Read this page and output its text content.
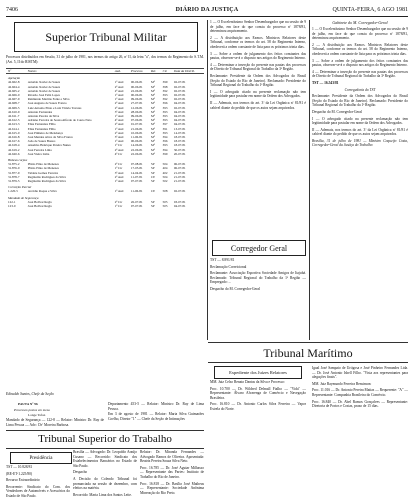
7406	DIÁRIO DA JUSTIÇA	QUINTA-FEIRA, 6 AGO 1981
Superior Tribunal Militar
Processos distribuídos em Sessão, 31 de julho de 1981, nos termos do artigo 26, nº II, da letra "a", dos termos do Regimento do S.T.M. (Art. 5, II do RISTM):
Nº	Nomes	Aud.	Processo	Rel.	Cir.	Data da Distrib.
Apelação						
42.602-8	Arnaldo Xavier de Souza	1ª Aud	00-06-81	Mª	399	02-07-81
42.604-4	Arnaldo Xavier de Souza	2ª Aud	00-06-81	Mª	398	02-07-81
42.605-2	Arnaldo Xavier de Souza	2ª Aud	22-06-81	Mª	392	02-07-81
42.606-0	Ricardo José Feliz Lopes	1ª Aud	00-06-81	Mª	393	02-07-81
42.607-9	Raimundo Martins Fonte e Silva	1ª Aud	09-06-81	Mª	392	02-07-81
42.608-7	José Augusto de Souza Franco	2ª Aud	27-07-81	Mª	396	04-07-81
42.609-5	Luiz Antonio Pinto e Luiz Vitório Tavares	2ª Aud	12-06-81	Mª	393	02-07-81
42.610-9	Antonio Fernandes	3ª Aud	28-06-81	Mª	393	04-07-81
42.611-7	Antonio Pereira da Silva	1ª Aud	09-06-81	Mª	393	04-07-81
42.612-5	Adriano Ferreira de Souza Alfredo do Couto Neto	4ª Aud	07-06-81	Mª	393	04-07-81
42.613-3	Elias Fernandes Filho	2ª Aud	01-07-81	Mª	397	04-07-81
42.614-1	Elias Fernandes Filho	1ª Aud	21-06-81	Mª	391	13-07-81
42.615-0	José Pinheiro de Mendonça	2ª Aud	10-06-81	Mª	393	14-07-81
42.616-8	José Mendes Alves da Silva Franco	3ª Aud	11-06-81	Mª	394	18-07-81
42.617-6	João de Souza Bastos	1ª Aud	00-06-81	Mª	396	18-07-81
42.618-4	Anselmo Henrique Pereira Nunes	1ª Cir	14-06-81	Mª	393	18-07-81
42.619-2	José Ferreira Lima	2ª Aud	22-06-81	Mª	394	30-07-81
42.620-6	José Vieira Lima	4ª Cir	22-06-81	Mª	399	20-07-81
Habeas corpus						
31.875-2	Plínio Pinto de Menezes	2ª Cir	07-08-81	SP	504	06-07-81
31.876-0	Plínio Pinto de Menezes	1ª Cir	17-05-81	SP	404	06-07-81
31.877-9	Valdete Gomes Ferreira	3ª Aud	14-04-81	SP	402	21-07-81
31.878-7	Reginaldo Rodrigues da Silva	2ª Aud	11-07-81	CE	504	21-07-81
31.879-5	Reginaldo Rodrigues da Silva	1ª Aud	07-07-81	SP	502	21-07-81
Correição Parcial						
1.220-5	Arcádio Roque e Silva	1ª Aud	11-06-81	CE	508	02-07-81
Mandado de Segurança						
122-1	José Bolívar Regis	2ª Cir	26-07-81	SP	505	03-07-81
123-0	José Bolívar Regis	1ª Cir	07-07-81	SP	505	04-07-81
Edinaldo Santos, Chefe da Seção
PAUTA Nº 96
Processos postos em mesa
Longe Tafon
Mandado de Segurança — 122-8 — Relator: Ministro Dr. Ruy de Lima Pessoa — Adv.: Drº Moreira Barbosa.
Departamento 453-5 — Relator: Ministro Dr. Ruy de Lima Pessoa.
Em 3 de agosto de 1981 — Relator: Maria Silva Guimarães Coelho, Diretor "1" — Chefe da Seção de Intimações
1 — O Excelentíssimo Senhor Desembargador que na sessão de 9 de julho, em face do que consta do processo nº 1878/81, determinou arquivamento.
2 — A distribuição aos Exmos. Ministros Relatores deste Tribunal, conforme os termos do art. 58 do Regimento Interno, obedecerá a ordem constante de lista para os próximos trinta dias.
3 — Sobre a ordem de julgamento dos feitos constantes das pautas, observar-se-á o disposto nos artigos do Regimento Interno.
4 — Determinar a inserção do presente nas pautas dos processos de Direito de Tribunal Regional do Trabalho da 3ª Região.
Reclamante: Presidente da Ordem dos Advogados do Brasil (Seção do Estado do Rio de Janeiro). Reclamado: Presidente do Tribunal Regional do Trabalho da 1ª Região.
I — O advogado citado na presente reclamação não tem legitimidade para postular em nome da Ordem dos Advogados.
II — Ademais, nos termos do art. 3º da Lei Orgânica nº 81/81 é cabível diante do pedido de que os autos sejam arquivados.
Gabinete do M. Corregedor-Geral
1 — O Excelentíssimo Senhor Desembargador que na sessão de 9 de julho, em face do que consta do processo nº 1878/81, determinou arquivamento.
2 — A distribuição aos Exmos. Ministros Relatores deste Tribunal, conforme os termos do art. 58 do Regimento Interno, obedecerá a ordem constante de lista para os próximos trinta dias.
3 — Sobre a ordem de julgamento dos feitos constantes das pautas, observar-se-á o disposto nos artigos do Regimento Interno.
4 — Determinar a inserção do presente nas pautas dos processos de Direito de Tribunal Regional do Trabalho da 3ª Região.
TST — 16.543/81
Corregedoria do TST
Reclamante: Presidente da Ordem dos Advogados do Brasil (Seção do Estado do Rio de Janeiro). Reclamado: Presidente do Tribunal Regional do Trabalho da 1ª Região.
Despacho do M. Corregedor-Geral
I — O advogado citado na presente reclamação não tem legitimidade para postular em nome da Ordem dos Advogados.
II — Ademais, nos termos do art. 3º da Lei Orgânica nº 81/81 é cabível diante do pedido de que os autos sejam arquivados.
Brasília, 31 de julho de 1981 — Ministro Coqueijo Costa, Corregedor-Geral da Justiça do Trabalho
Corregedor Geral
TST — 8.891/81
Reclamação Correicional
Reclamante: Associação Esportiva Sociedade Amigos de Itajubá. Reclamado: Tribunal Regional do Trabalho da 1ª Região — Empregado: ...
Despacho do M. Corregedor-Geral
Tribunal Marítimo
Expediente dos Juízes Relatores
MM. Juiz Celso Renato Dantas da Silva e Processo:
Proc. 10.700 — Dr. Wildred Delmall Fialho — "Vida" — Representante: Álvaro Alvarenga de Comércio e Navegação Brasileira.
Proc. 16.810 — Dr. Antonio Carlos Silva Ferreira — Vapor Estrela do Norte.
Igual José Sampaio de Urtigosa e José Pinheiro Fernandes Ltda. — Dr. José Antonio Isbell Filho. "Vista aos representantes para alegações finais".
MM. Juiz Raymundo Ferreira Bensimon:
Proc. 11.016 — Dr. Antonio Pereira Matias — Requerente: "A" — Representante: Companhia Brasileira do Comércio.
Proc. 16.840 — Dr. Abel Ramos Gonçalves — Representante: Diretoria de Portos e Costas, prazo de 15 dias.
Tribunal Superior do Trabalho
Presidência
TST — 10.828/81
(RE-ET-1.225/80)
Recurso Extraordinário
Recorrente: Sindicato do Com. dos Vendedores de Automóveis e Acessórios do Estado de São Paulo.
Brasília — Advogado: Dr. Leopoldo Araújo Cusano — Recorrido: Sindicato dos Estabelecimentos Bancários no Estado de São Paulo.
Despacho
A Decisão do Colendo Tribunal foi pronunciada na sessão de dezembro, com efeitos na matéria.
Recorrido: Maria Lima dos Santos Leite.
Relator: Dr. Miranda Fernandes — Advogado Ramos de Oliveira. Aposentada: Beatriz Pereira Souza Silva Neto.
Proc. 16.785 — Dr. José Aguiar Milhasso — Representante das Partes: Instituto de Trabalho do Rio de Janeiro.
Proc. 16.818 — Dr. Basílio José Matheus — Representante: Sociedade Anônima Mineração do Rio Preto.
